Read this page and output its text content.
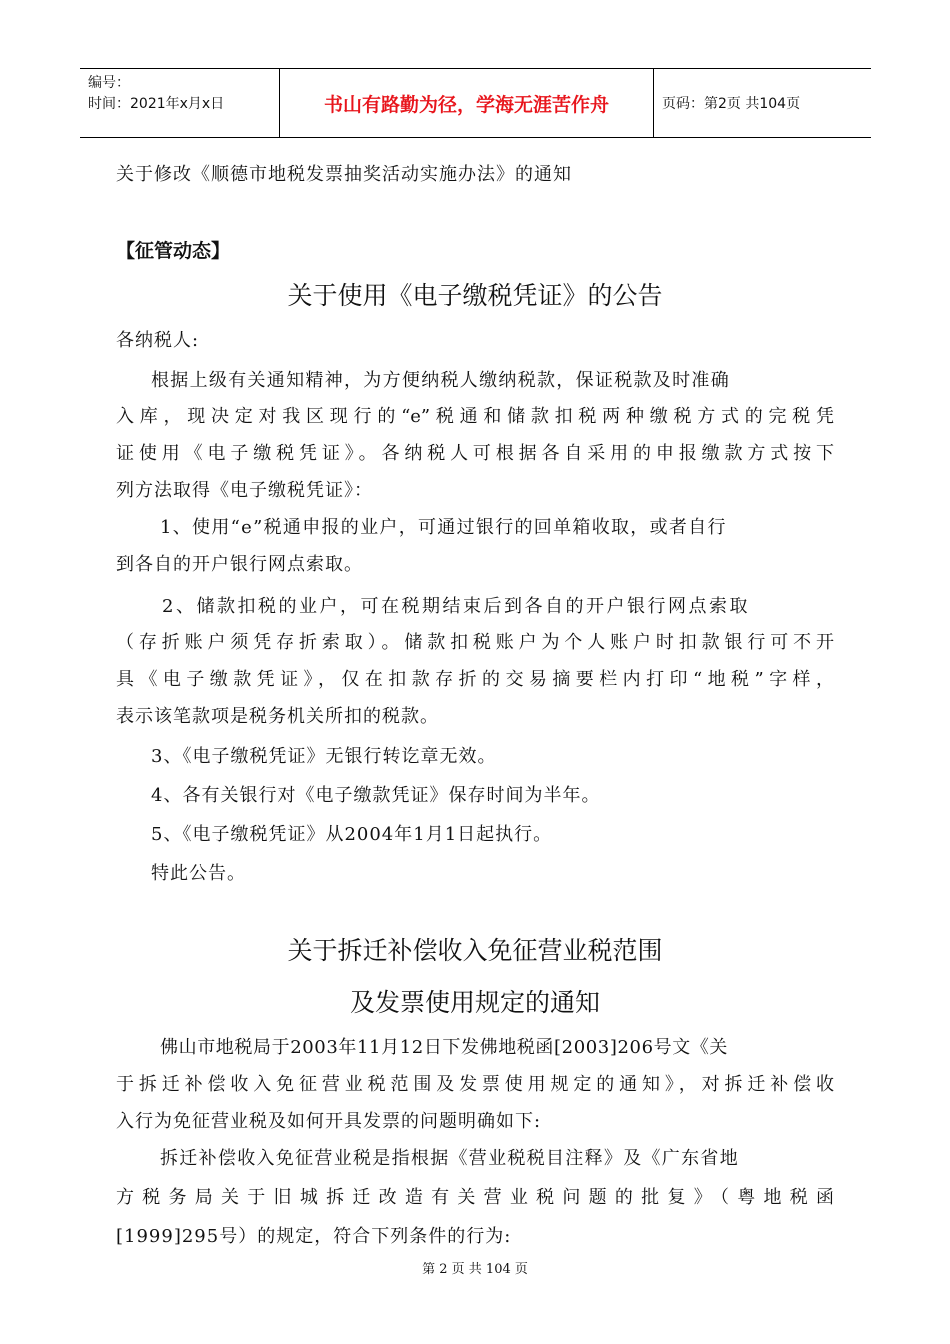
编号：
时间：2021年x月x日	书山有路勤为径，学海无涯苦作舟	页码：第2页 共104页
关于修改《顺德市地税发票抽奖活动实施办法》的通知
【征管动态】
关于使用《电子缴税凭证》的公告
各纳税人:
根据上级有关通知精神，为方便纳税人缴纳税款，保证税款及时准确
入库，现决定对我区现行的“e”税通和储款扣税两种缴税方式的完税凭
证使用《电子缴税凭证》。各纳税人可根据各自采用的申报缴款方式按下
列方法取得《电子缴税凭证》：
1、使用“e”税通申报的业户，可通过银行的回单箱收取，或者自行
到各自的开户银行网点索取。
2、储款扣税的业户，可在税期结束后到各自的开户银行网点索取
（存折账户须凭存折索取）。储款扣税账户为个人账户时扣款银行可不开
具《电子缴款凭证》，仅在扣款存折的交易摘要栏内打印“地税”字样，
表示该笔款项是税务机关所扣的税款。
3、《电子缴税凭证》无银行转讫章无效。
4、各有关银行对《电子缴款凭证》保存时间为半年。
5、《电子缴税凭证》从2004年1月1日起执行。
特此公告。
关于拆迁补偿收入免征营业税范围
及发票使用规定的通知
佛山市地税局于2003年11月12日下发佛地税函[2003]206号文《关
于拆迁补偿收入免征营业税范围及发票使用规定的通知》，对拆迁补偿收
入行为免征营业税及如何开具发票的问题明确如下:
拆迁补偿收入免征营业税是指根据《营业税税目注释》及《广东省地
方税务局关于旧城拆迁改造有关营业税问题的批复》（粤地税函
[1999]295号）的规定，符合下列条件的行为:
第 2 页 共 104 页
